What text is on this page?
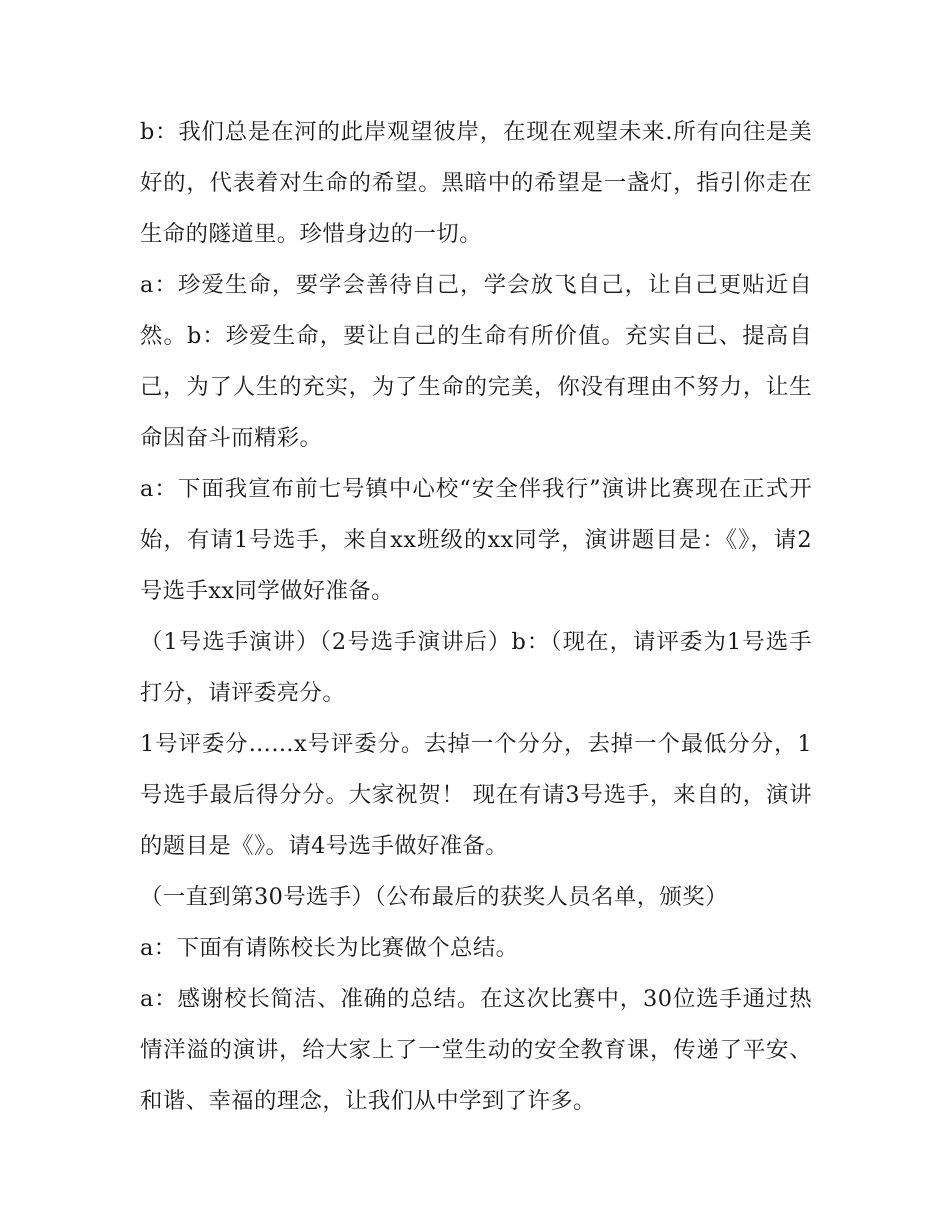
b：我们总是在河的此岸观望彼岸，在现在观望未来.所有向往是美好的，代表着对生命的希望。黑暗中的希望是一盏灯，指引你走在生命的隧道里。珍惜身边的一切。

a：珍爱生命，要学会善待自己，学会放飞自己，让自己更贴近自然。b：珍爱生命，要让自己的生命有所价值。充实自己、提高自己，为了人生的充实，为了生命的完美，你没有理由不努力，让生命因奋斗而精彩。

a：下面我宣布前七号镇中心校“安全伴我行”演讲比赛现在正式开始，有请1号选手，来自xx班级的xx同学，演讲题目是：《》，请2号选手xx同学做好准备。

（1号选手演讲）（2号选手演讲后）b：（现在，请评委为1号选手打分，请评委亮分。

1号评委分……x号评委分。去掉一个分分，去掉一个最低分分，1号选手最后得分分。大家祝贺！ 现在有请3号选手，来自的，演讲的题目是《》。请4号选手做好准备。

（一直到第30号选手）（公布最后的获奖人员名单，颁奖）

a：下面有请陈校长为比赛做个总结。

a：感谢校长简洁、准确的总结。在这次比赛中，30位选手通过热情洋溢的演讲，给大家上了一堂生动的安全教育课，传递了平安、和谐、幸福的理念，让我们从中学到了许多。
